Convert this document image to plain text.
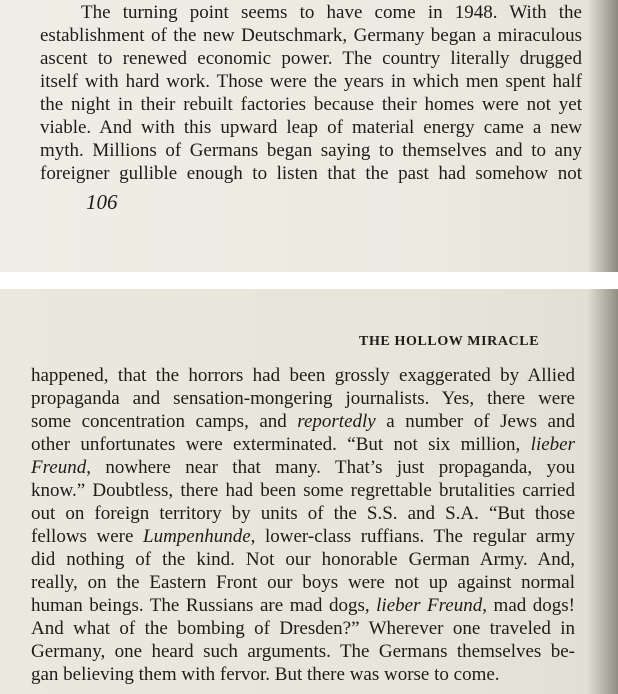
The turning point seems to have come in 1948. With the
establishment of the new Deutschmark, Germany began a miraculous
ascent to renewed economic power. The country literally drugged
itself with hard work. Those were the years in which men spent half
the night in their rebuilt factories because their homes were not yet
viable. And with this upward leap of material energy came a new
myth. Millions of Germans began saying to themselves and to any
foreigner gullible enough to listen that the past had somehow not
106
THE HOLLOW MIRACLE
happened, that the horrors had been grossly exaggerated by Allied
propaganda and sensation-mongering journalists. Yes, there were
some concentration camps, and reportedly a number of Jews and
other unfortunates were exterminated. “But not six million, lieber
Freund, nowhere near that many. That’s just propaganda, you
know.” Doubtless, there had been some regrettable brutalities carried
out on foreign territory by units of the S.S. and S.A. “But those
fellows were Lumpenhunde, lower-class ruffians. The regular army
did nothing of the kind. Not our honorable German Army. And,
really, on the Eastern Front our boys were not up against normal
human beings. The Russians are mad dogs, lieber Freund, mad dogs!
And what of the bombing of Dresden?” Wherever one traveled in
Germany, one heard such arguments. The Germans themselves be-
gan believing them with fervor. But there was worse to come.
